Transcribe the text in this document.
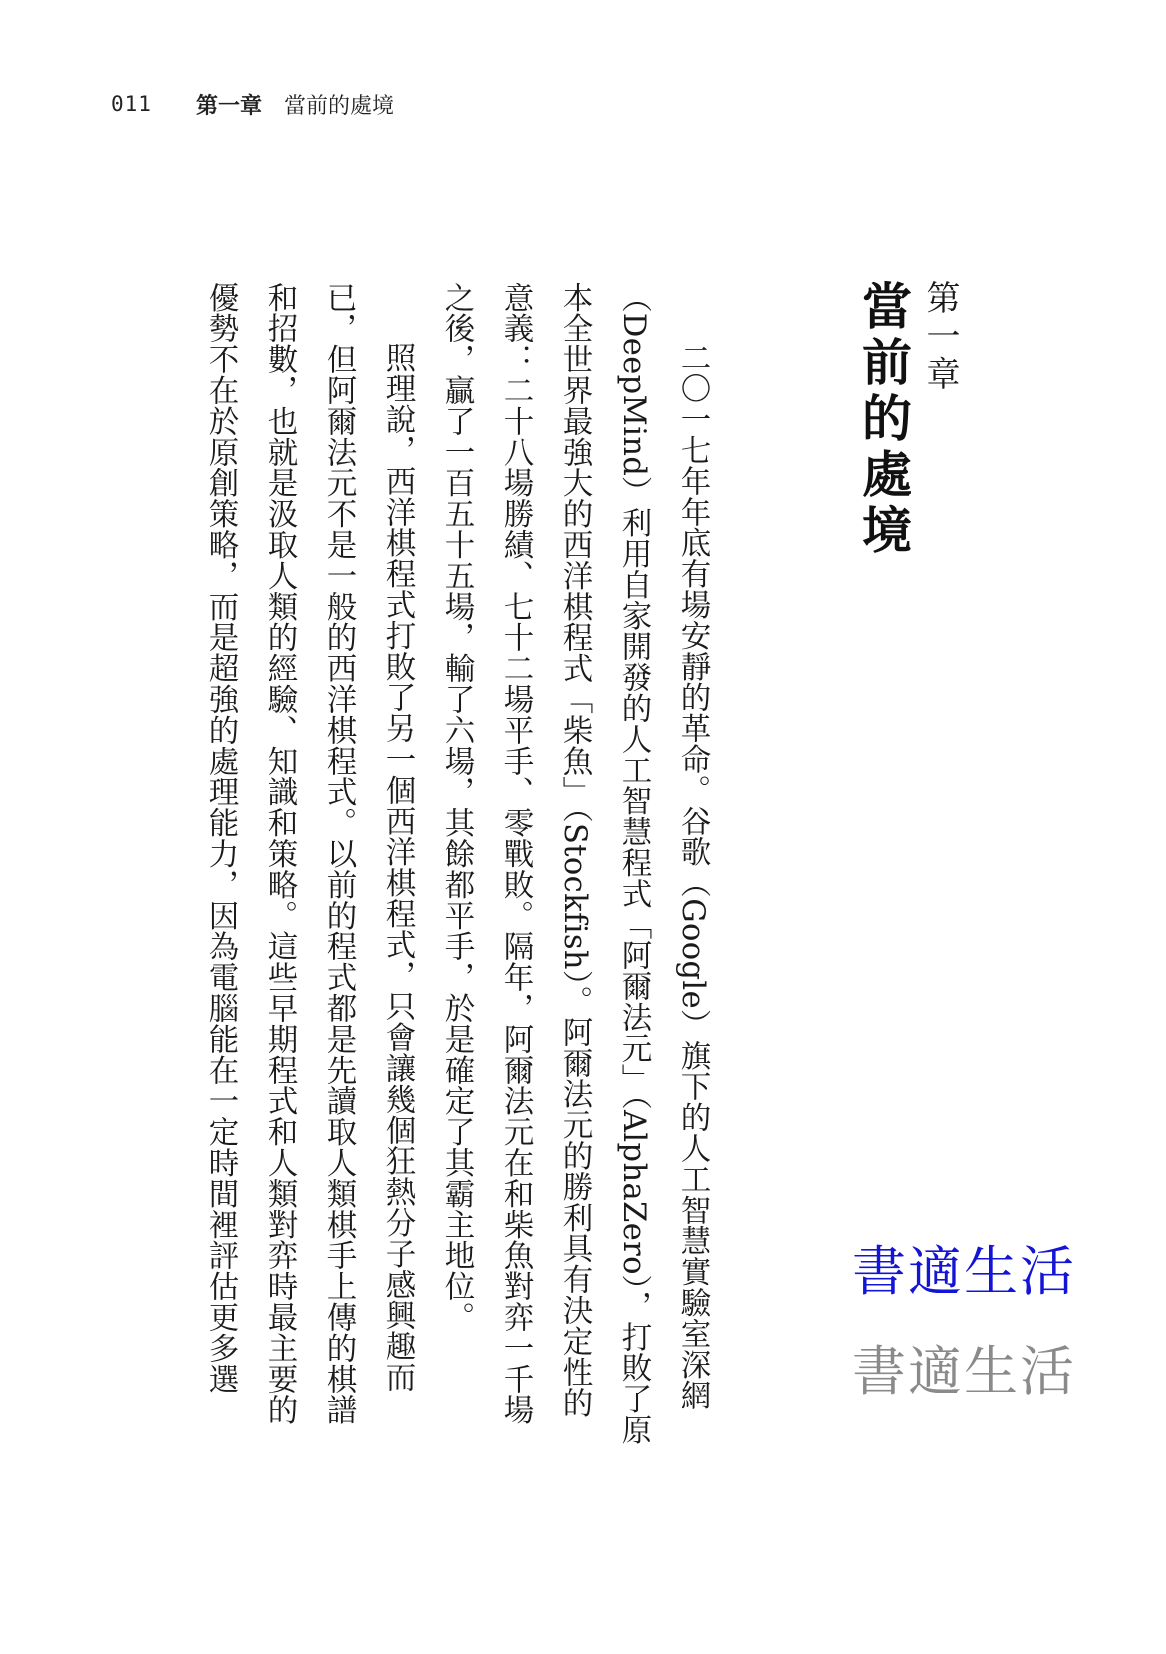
011 第一章 當前的處境
第一章
當前的處境
二〇一七年年底有場安靜的革命。谷歌（Google）旗下的人工智慧實驗室深網
（DeepMind）利用自家開發的人工智慧程式「阿爾法元」（AlphaZero），打敗了原
本全世界最強大的西洋棋程式「柴魚」（Stockfish）。阿爾法元的勝利具有決定性的
意義：二十八場勝績、七十二場平手、零戰敗。隔年，阿爾法元在和柴魚對弈一千場
之後，贏了一百五十五場，輸了六場，其餘都平手，於是確定了其霸主地位。
照理說，西洋棋程式打敗了另一個西洋棋程式，只會讓幾個狂熱分子感興趣而
已，但阿爾法元不是一般的西洋棋程式。以前的程式都是先讀取人類棋手上傳的棋譜
和招數，也就是汲取人類的經驗、知識和策略。這些早期程式和人類對弈時最主要的
優勢不在於原創策略，而是超強的處理能力，因為電腦能在一定時間裡評估更多選	書適生活
書適生活
